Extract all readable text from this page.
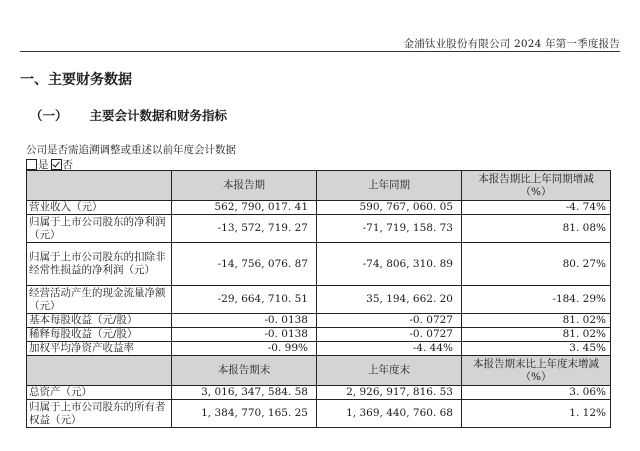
金浦钛业股份有限公司 2024 年第一季度报告
一、主要财务数据
（一） 主要会计数据和财务指标
公司是否需追溯调整或重述以前年度会计数据
是 否
	本报告期	上年同期	本报告期比上年同期增减（%）
营业收入（元）	562, 790, 017. 41	590, 767, 060. 05	-4. 74%
归属于上市公司股东的净利润（元）	-13, 572, 719. 27	-71, 719, 158. 73	81. 08%
归属于上市公司股东的扣除非经常性损益的净利润（元）	-14, 756, 076. 87	-74, 806, 310. 89	80. 27%
经营活动产生的现金流量净额（元）	-29, 664, 710. 51	35, 194, 662. 20	-184. 29%
基本每股收益（元/股）	-0. 0138	-0. 0727	81. 02%
稀释每股收益（元/股）	-0. 0138	-0. 0727	81. 02%
加权平均净资产收益率	-0. 99%	-4. 44%	3. 45%
	本报告期末	上年度末	本报告期末比上年度末增减（%）
总资产（元）	3, 016, 347, 584. 58	2, 926, 917, 816. 53	3. 06%
归属于上市公司股东的所有者权益（元）	1, 384, 770, 165. 25	1, 369, 440, 760. 68	1. 12%
